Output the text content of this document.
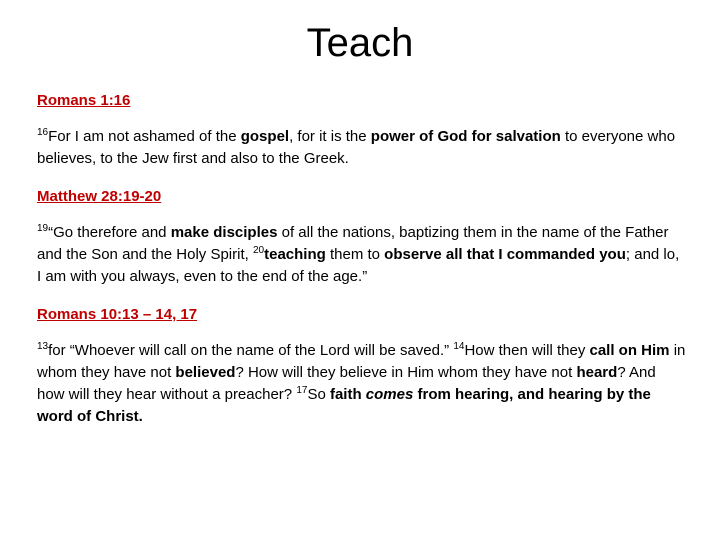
Teach

Romans 1:16

$^{16}$For I am not ashamed of the gospel, for it is the power of God for salvation to everyone who believes, to the Jew first and also to the Greek.

Matthew 28:19-20

$^{19}$“Go therefore and make disciples of all the nations, baptizing them in the name of the Father and the Son and the Holy Spirit, $^{20}$teaching them to observe all that I commanded you; and lo, I am with you always, even to the end of the age.”

Romans 10:13 – 14, 17

$^{13}$for “Whoever will call on the name of the Lord will be saved.” $^{14}$How then will they call on Him in whom they have not believed? How will they believe in Him whom they have not heard? And how will they hear without a preacher? $^{17}$So faith comes from hearing, and hearing by the word of Christ.
